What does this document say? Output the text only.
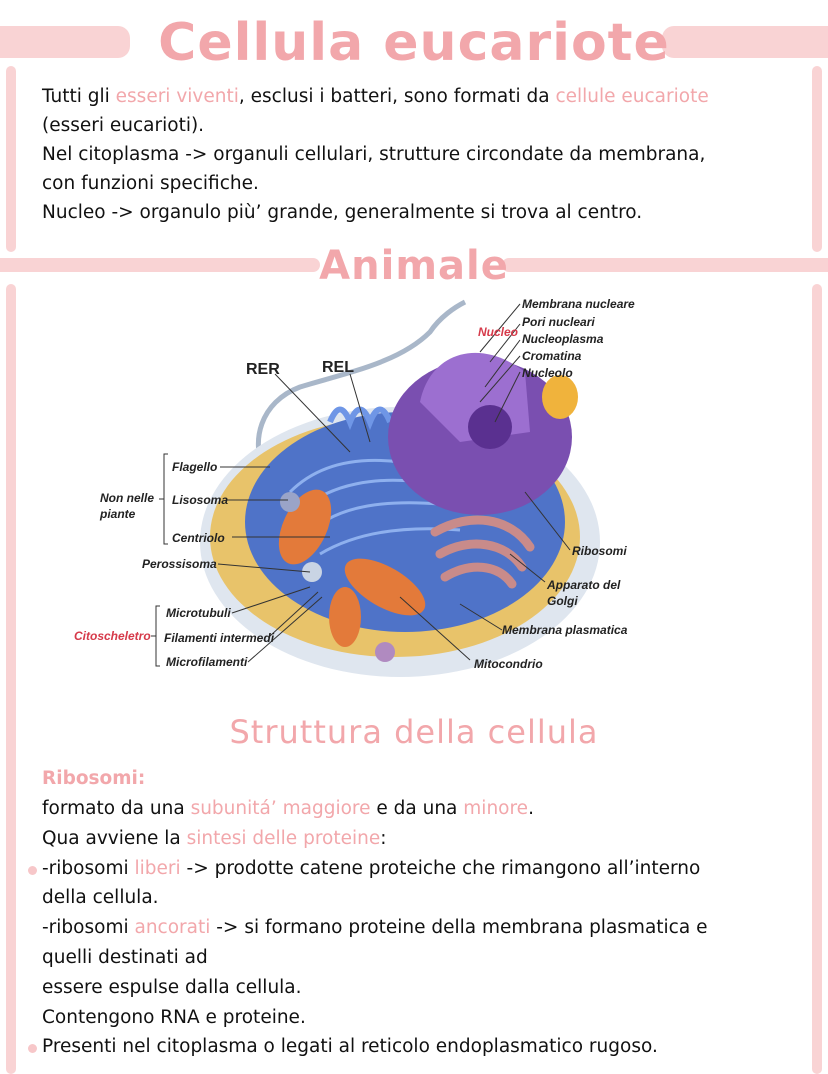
Cellula eucariote

Tutti gli esseri viventi, esclusi i batteri, sono formati da cellule eucariote

(esseri eucarioti).

Nel citoplasma -> organuli cellulari, strutture circondate da membrana,

con funzioni specifiche.

Nucleo -> organulo più’ grande, generalmente si trova al centro.

Animale
RER	REL
Nucleo
Membrana nucleare
Pori nucleari
Nucleoplasma
Cromatina
Nucleolo
Flagello
Non nelle
piante
Lisosoma
Centriolo
Perossisoma
Ribosomi
Apparato del
Golgi
Microtubuli
Citoscheletro Filamenti intermedi
Microfilamenti
Membrana plasmatica
Mitocondrio
Struttura della cellula
Ribosomi:

formato da una subunitá’ maggiore e da una minore.

Qua avviene la sintesi delle proteine:

-ribosomi liberi -> prodotte catene proteiche che rimangono all’interno

della cellula.

-ribosomi ancorati -> si formano proteine della membrana plasmatica e

quelli destinati ad

essere espulse dalla cellula.

Contengono RNA e proteine.

Presenti nel citoplasma o legati al reticolo endoplasmatico rugoso.
